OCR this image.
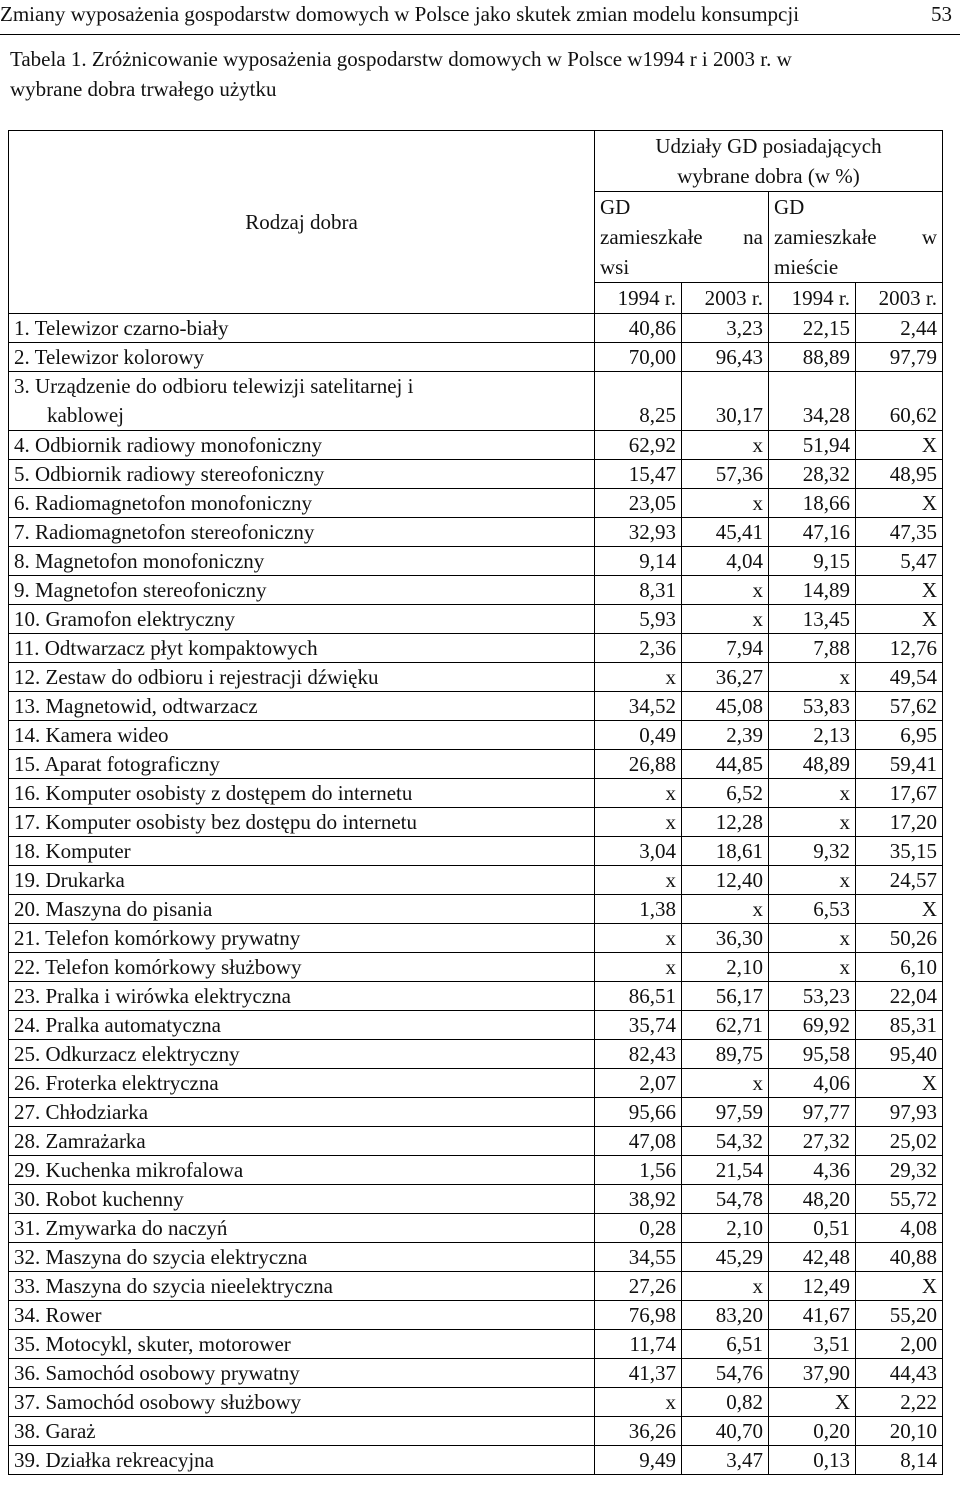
Zmiany wyposażenia gospodarstw domowych w Polsce jako skutek zmian modelu konsumpcji	53
Tabela 1. Zróżnicowanie wyposażenia gospodarstw domowych w Polsce w1994 r i 2003 r. w
wybrane dobra trwałego użytku
Rodzaj dobra	Udziały GD posiadających
wybrane dobra (w %)			

	GD
zamieszkałe na
wsi		GD
zamieszkałe w
mieście	

	1994 r.	2003 r.	1994 r.	2003 r.
1. Telewizor czarno-biały	40,86	3,23	22,15	2,44
2. Telewizor kolorowy	70,00	96,43	88,89	97,79

3. Urządzenie do odbioru telewizji satelitarnej i
kablowej	8,25	30,17	34,28	60,62
4. Odbiornik radiowy monofoniczny	62,92	x	51,94	X
5. Odbiornik radiowy stereofoniczny	15,47	57,36	28,32	48,95
6. Radiomagnetofon monofoniczny	23,05	x	18,66	X
7. Radiomagnetofon stereofoniczny	32,93	45,41	47,16	47,35
8. Magnetofon monofoniczny	9,14	4,04	9,15	5,47
9. Magnetofon stereofoniczny	8,31	x	14,89	X
10. Gramofon elektryczny	5,93	x	13,45	X
11. Odtwarzacz płyt kompaktowych	2,36	7,94	7,88	12,76
12. Zestaw do odbioru i rejestracji dźwięku	x	36,27	x	49,54
13. Magnetowid, odtwarzacz	34,52	45,08	53,83	57,62
14. Kamera wideo	0,49	2,39	2,13	6,95
15. Aparat fotograficzny	26,88	44,85	48,89	59,41
16. Komputer osobisty z dostępem do internetu	x	6,52	x	17,67
17. Komputer osobisty bez dostępu do internetu	x	12,28	x	17,20
18. Komputer	3,04	18,61	9,32	35,15
19. Drukarka	x	12,40	x	24,57
20. Maszyna do pisania	1,38	x	6,53	X
21. Telefon komórkowy prywatny	x	36,30	x	50,26
22. Telefon komórkowy służbowy	x	2,10	x	6,10
23. Pralka i wirówka elektryczna	86,51	56,17	53,23	22,04
24. Pralka automatyczna	35,74	62,71	69,92	85,31
25. Odkurzacz elektryczny	82,43	89,75	95,58	95,40
26. Froterka elektryczna	2,07	x	4,06	X
27. Chłodziarka	95,66	97,59	97,77	97,93
28. Zamrażarka	47,08	54,32	27,32	25,02
29. Kuchenka mikrofalowa	1,56	21,54	4,36	29,32
30. Robot kuchenny	38,92	54,78	48,20	55,72
31. Zmywarka do naczyń	0,28	2,10	0,51	4,08
32. Maszyna do szycia elektryczna	34,55	45,29	42,48	40,88
33. Maszyna do szycia nieelektryczna	27,26	x	12,49	X
34. Rower	76,98	83,20	41,67	55,20
35. Motocykl, skuter, motorower	11,74	6,51	3,51	2,00
36. Samochód osobowy prywatny	41,37	54,76	37,90	44,43
37. Samochód osobowy służbowy	x	0,82	X	2,22
38. Garaż	36,26	40,70	0,20	20,10
39. Działka rekreacyjna	9,49	3,47	0,13	8,14
